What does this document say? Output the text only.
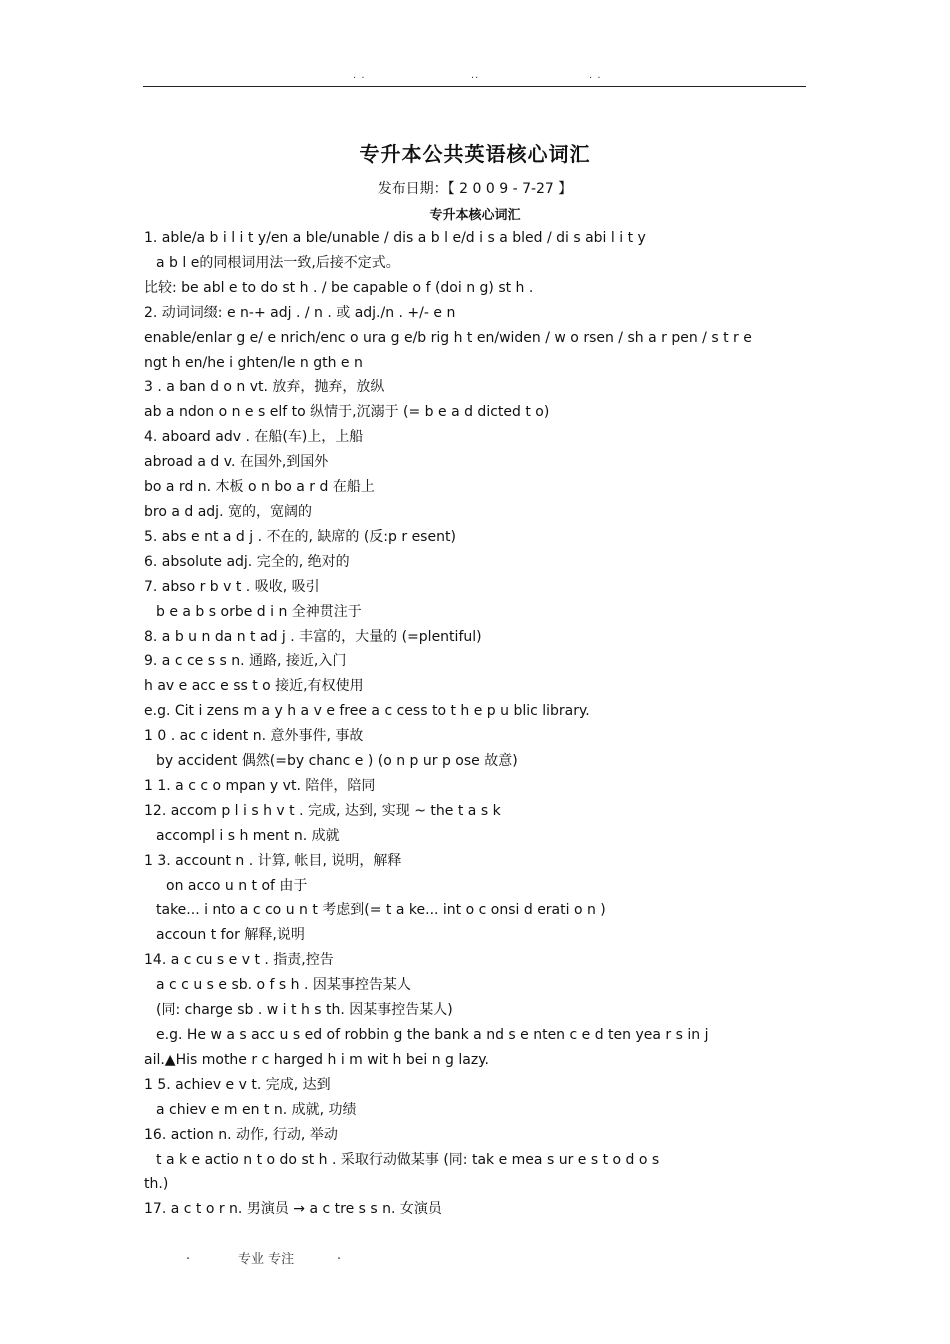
. .	..	. .
专升本公共英语核心词汇
发布日期：【 2 0 0 9 - 7-27 】
专升本核心词汇
1. able/a b i l i t y/en a ble/unable / dis a b l e/d i s a bled / di s abi l i t y
a b l e的同根词用法一致,后接不定式。
比较: be abl e to do st h . / be capable o f (doi n g) st h .
2. 动词词缀: e n-+ adj . / n . 或 adj./n . +/- e n
enable/enlar g e/ e nrich/enc o ura g e/b rig h t en/widen / w o rsen / sh a r pen / s t r e
ngt h en/he i ghten/le n gth e n
3 . a ban d o n vt. 放弃，抛弃，放纵
ab a ndon o n e s elf to 纵情于,沉溺于 (= b e a d dicted t o)
4. aboard adv . 在船(车)上，上船
abroad a d v. 在国外,到国外
bo a rd n. 木板 o n bo a r d 在船上
bro a d adj. 宽的，宽阔的
5. abs e nt a d j . 不在的, 缺席的 (反:p r esent)
6. absolute adj. 完全的, 绝对的
7. abso r b v t . 吸收, 吸引
b e a b s orbe d i n 全神贯注于
8. a b u n da n t ad j . 丰富的，大量的 (=plentiful)
9. a c ce s s n. 通路, 接近,入门
h av e acc e ss t o 接近,有权使用
e.g. Cit i zens m a y h a v e free a c cess to t h e p u blic library.
1 0 . ac c ident n. 意外事件, 事故
by accident 偶然(=by chanc e ) (o n p ur p ose 故意)
1 1. a c c o mpan y vt. 陪伴，陪同
12. accom p l i s h v t . 完成, 达到, 实现 ~ the t a s k
accompl i s h ment n. 成就
1 3. account n . 计算, 帐目, 说明，解释
on acco u n t of 由于
take... i nto a c co u n t 考虑到(= t a ke... int o c onsi d erati o n )
accoun t for 解释,说明
14. a c cu s e v t . 指责,控告
a c c u s e sb. o f s h . 因某事控告某人
(同: charge sb . w i t h s th. 因某事控告某人)
e.g. He w a s acc u s ed of robbin g the bank a nd s e nten c e d ten yea r s in j
ail.▲His mothe r c harged h i m wit h bei n g lazy.
1 5. achiev e v t. 完成, 达到
a chiev e m en t n. 成就, 功绩
16. action n. 动作, 行动, 举动
t a k e actio n t o do st h . 采取行动做某事 (同: tak e mea s ur e s t o d o s
th.)
17. a c t o r n. 男演员 → a c tre s s n. 女演员
.	专业 专注	.
